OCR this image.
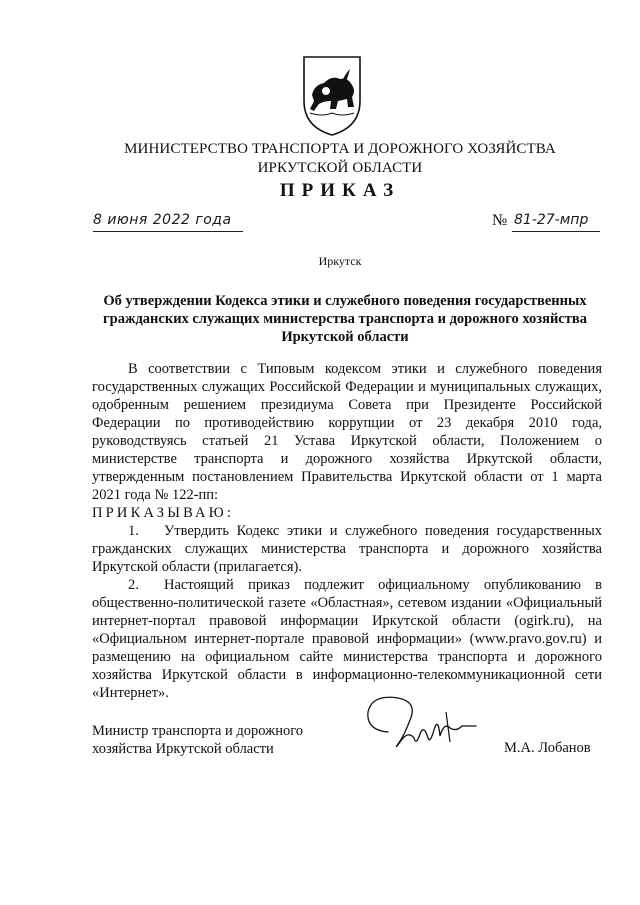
МИНИСТЕРСТВО ТРАНСПОРТА И ДОРОЖНОГО ХОЗЯЙСТВА
ИРКУТСКОЙ ОБЛАСТИ
ПРИКАЗ
8 июня 2022 года	№ 81-27-мпр
Иркутск
Об утверждении Кодекса этики и служебного поведения государственных гражданских служащих министерства транспорта и дорожного хозяйства Иркутской области

В соответствии с Типовым кодексом этики и служебного поведения государственных служащих Российской Федерации и муниципальных служащих, одобренным решением президиума Совета при Президенте Российской Федерации по противодействию коррупции от 23 декабря 2010 года, руководствуясь статьей 21 Устава Иркутской области, Положением о министерстве транспорта и дорожного хозяйства Иркутской области, утвержденным постановлением Правительства Иркутской области от 1 марта 2021 года № 122-пп:

ПРИКАЗЫВАЮ:

1. Утвердить Кодекс этики и служебного поведения государственных гражданских служащих министерства транспорта и дорожного хозяйства Иркутской области (прилагается).

2. Настоящий приказ подлежит официальному опубликованию в общественно-политической газете «Областная», сетевом издании «Официальный интернет-портал правовой информации Иркутской области (ogirk.ru), на «Официальном интернет-портале правовой информации» (www.pravo.gov.ru) и размещению на официальном сайте министерства транспорта и дорожного хозяйства Иркутской области в информационно-телекоммуникационной сети «Интернет».

Министр транспорта и дорожного
хозяйства Иркутской области	М.А. Лобанов
